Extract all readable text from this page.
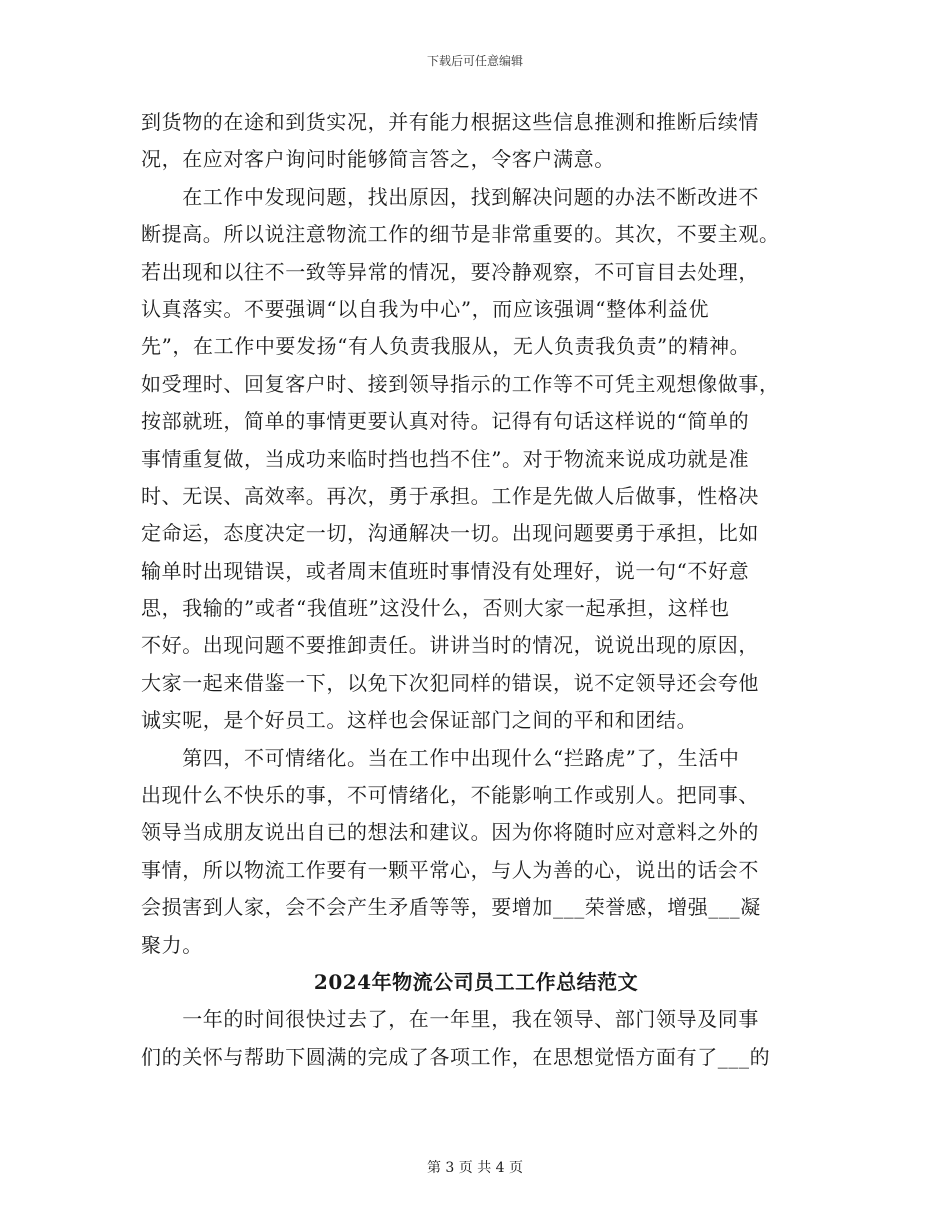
下载后可任意编辑
到货物的在途和到货实况，并有能力根据这些信息推测和推断后续情
况，在应对客户询问时能够简言答之，令客户满意。
　　在工作中发现问题，找出原因，找到解决问题的办法不断改进不
断提高。所以说注意物流工作的细节是非常重要的。其次，不要主观。
若出现和以往不一致等异常的情况，要冷静观察，不可盲目去处理，
认真落实。不要强调“以自我为中心”，而应该强调“整体利益优
先”，在工作中要发扬“有人负责我服从，无人负责我负责”的精神。
如受理时、回复客户时、接到领导指示的工作等不可凭主观想像做事，
按部就班，简单的事情更要认真对待。记得有句话这样说的“简单的
事情重复做，当成功来临时挡也挡不住”。对于物流来说成功就是准
时、无误、高效率。再次，勇于承担。工作是先做人后做事，性格决
定命运，态度决定一切，沟通解决一切。出现问题要勇于承担，比如
输单时出现错误，或者周末值班时事情没有处理好，说一句“不好意
思，我输的”或者“我值班”这没什么，否则大家一起承担，这样也
不好。出现问题不要推卸责任。讲讲当时的情况，说说出现的原因，
大家一起来借鉴一下，以免下次犯同样的错误，说不定领导还会夸他
诚实呢，是个好员工。这样也会保证部门之间的平和和团结。
　　第四，不可情绪化。当在工作中出现什么“拦路虎”了，生活中
出现什么不快乐的事，不可情绪化，不能影响工作或别人。把同事、
领导当成朋友说出自已的想法和建议。因为你将随时应对意料之外的
事情，所以物流工作要有一颗平常心，与人为善的心，说出的话会不
会损害到人家，会不会产生矛盾等等，要增加___荣誉感，增强___凝
聚力。
2024年物流公司员工工作总结范文
　　一年的时间很快过去了，在一年里，我在领导、部门领导及同事
们的关怀与帮助下圆满的完成了各项工作，在思想觉悟方面有了___的
第 3 页 共 4 页
